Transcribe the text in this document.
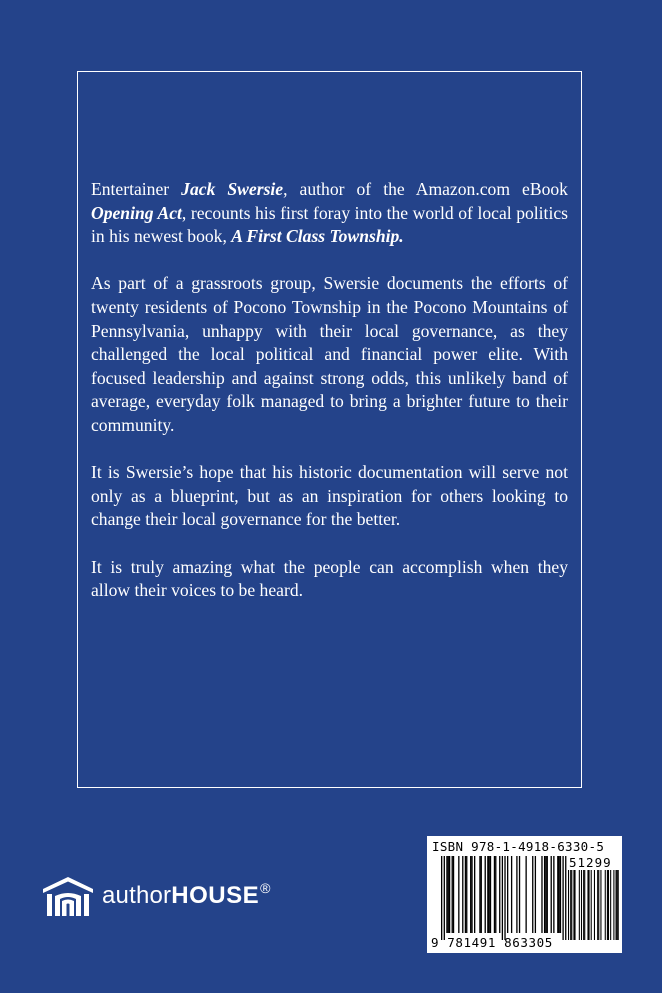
Entertainer Jack Swersie, author of the Amazon.com eBook Opening Act, recounts his first foray into the world of local politics in his newest book, A First Class Township.

As part of a grassroots group, Swersie documents the efforts of twenty residents of Pocono Township in the Pocono Mountains of Pennsylvania, unhappy with their local governance, as they challenged the local political and financial power elite. With focused leadership and against strong odds, this unlikely band of average, everyday folk managed to bring a brighter future to their community.

It is Swersie’s hope that his historic documentation will serve not only as a blueprint, but as an inspiration for others looking to change their local governance for the better.

It is truly amazing what the people can accomplish when they allow their voices to be heard.

authorHOUSE®
ISBN 978-1-4918-6330-5
51299
9 781491 863305
